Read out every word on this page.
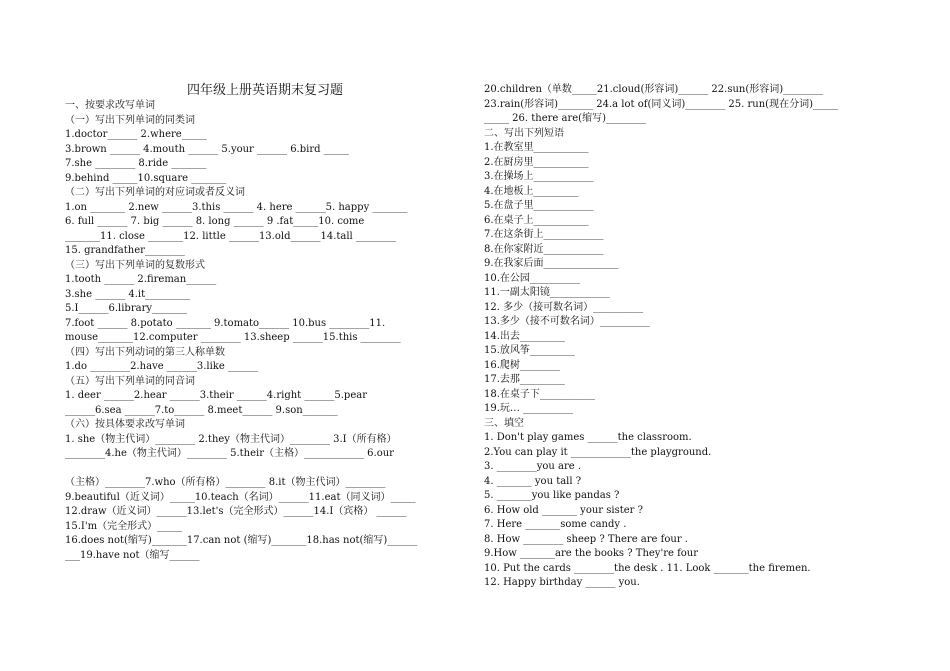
四年级上册英语期末复习题
一、按要求改写单词
（一）写出下列单词的同类词
1.doctor______ 2.where_____
3.brown ______ 4.mouth ______ 5.your ______ 6.bird _____
7.she ________ 8.ride _______
9.behind _____10.square _______
（二）写出下列单词的对应词或者反义词
1.on _______ 2.new ______3.this ______ 4. here ______5. happy _______
6. full ______ 7. big ______ 8. long ______ 9 .fat_____10. come
_______11. close _______12. little ______13.old______14.tall ________
15. grandfather________
（三）写出下列单词的复数形式
1.tooth ______ 2.fireman______
3.she ______ 4.it_________
5.I______6.library_______
7.foot ______ 8.potato _______ 9.tomato______ 10.bus ________11.
mouse_______12.computer ________ 13.sheep ______15.this ________
（四）写出下列动词的第三人称单数
1.do ________2.have ______3.like ______
（五）写出下列单词的同音词
1. deer ______2.hear ______3.their ______4.right ______5.pear
______6.sea ______7.to______ 8.meet______ 9.son_______
（六）按具体要求改写单词
1. she（物主代词）________ 2.they（物主代词）________ 3.I（所有格）
________4.he（物主代词）________ 5.their（主格）____________ 6.our
（主格）________7.who（所有格）________ 8.it（物主代词）________
9.beautiful（近义词）_____10.teach（名词）______11.eat（同义词）_____
12.draw（近义词）______13.let's（完全形式）______14.I（宾格） ______
15.I'm（完全形式）_____
16.does not(缩写)_______17.can not (缩写)_______18.has not(缩写)______
___19.have not（缩写______
20.children（单数_____21.cloud(形容词)______ 22.sun(形容词)________
23.rain(形容词)_______ 24.a lot of(同义词)________ 25. run(现在分词)_____
_____ 26. there are(缩写)________
二、写出下列短语
1.在教室里___________
2.在厨房里___________
3.在操场上____________
4.在地板上_________
5.在盘子里____________
6.在桌子上___________
7.在这条街上____________
8.在你家附近____________
9.在我家后面_______________
10.在公园__________
11.一副太阳镜____________
12. 多少（接可数名词）__________
13.多少（接不可数名词）__________
14.出去_________
15.放风筝_________
16.爬树________
17.去那_________
18.在桌子下___________
19.玩… __________
三、填空
1. Don't play games ______the classroom.
2.You can play it ____________the playground.
3. ________you are .
4. _______ you tall ?
5. _______you like pandas ?
6. How old _______ your sister ?
7. Here _______some candy .
8. How ________ sheep ? There are four .
9.How _______are the books ? They're four
10. Put the cards ________the desk . 11. Look _______the firemen.
12. Happy birthday ______ you.
